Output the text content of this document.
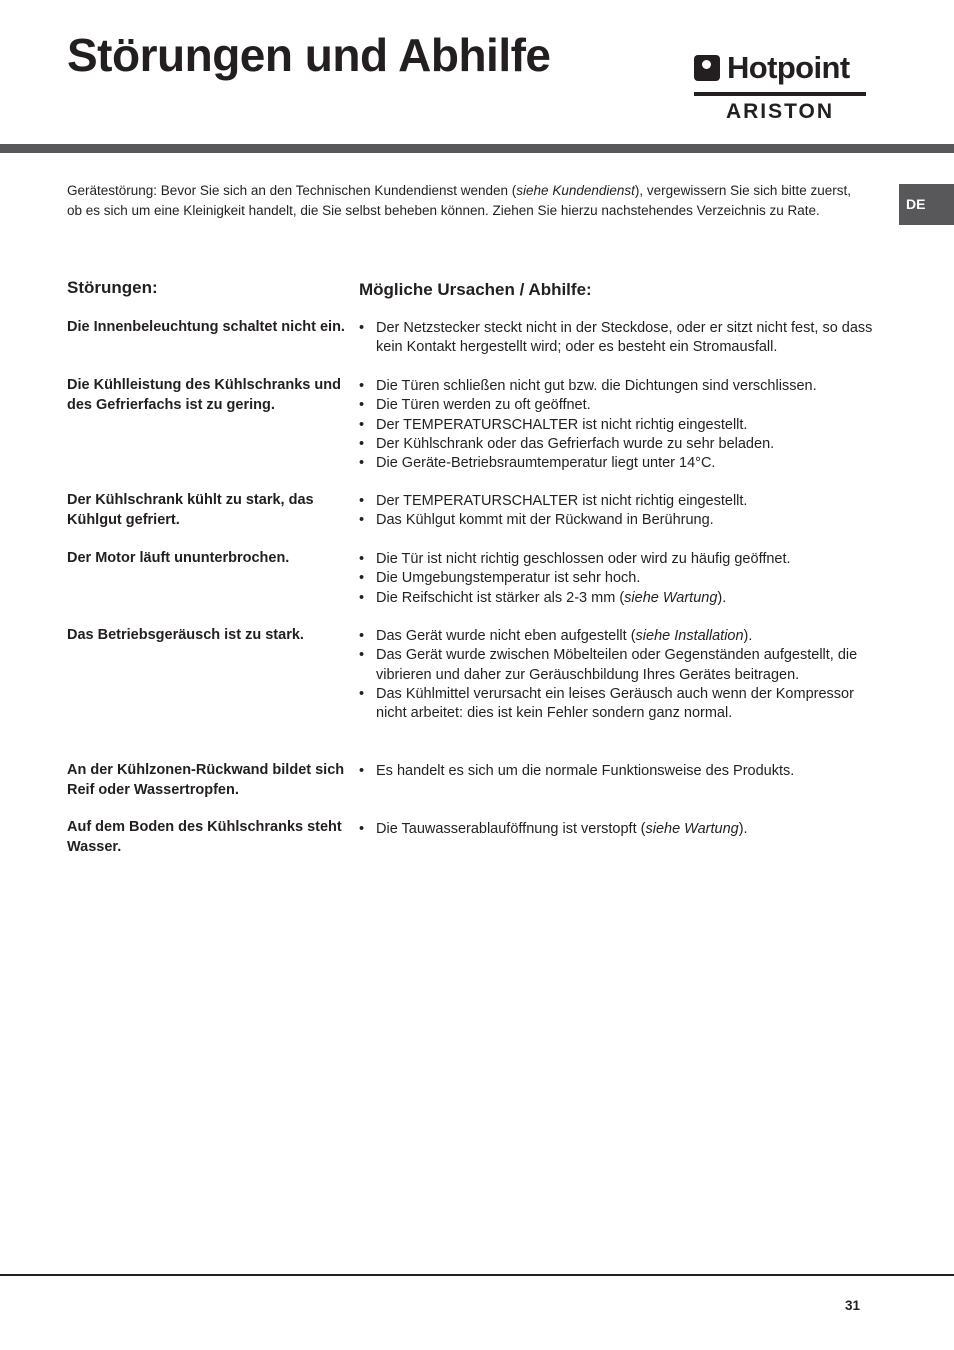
Störungen und Abhilfe	Hotpoint
ARISTON
DE

Gerätestörung: Bevor Sie sich an den Technischen Kundendienst wenden (siehe Kundendienst), vergewissern Sie sich bitte zuerst, ob es sich um eine Kleinigkeit handelt, die Sie selbst beheben können. Ziehen Sie hierzu nachstehendes Verzeichnis zu Rate.

Störungen:	Mögliche Ursachen / Abhilfe:
Die Innenbeleuchtung schaltet nicht ein.	• Der Netzstecker steckt nicht in der Steckdose, oder er sitzt nicht fest, so dass kein Kontakt hergestellt wird; oder es besteht ein Stromausfall.
Die Kühlleistung des Kühlschranks und des Gefrierfachs ist zu gering.
• Die Türen schließen nicht gut bzw. die Dichtungen sind verschlissen.
• Die Türen werden zu oft geöffnet.
• Der TEMPERATURSCHALTER ist nicht richtig eingestellt.
• Der Kühlschrank oder das Gefrierfach wurde zu sehr beladen.
• Die Geräte-Betriebsraumtemperatur liegt unter 14°C.
Der Kühlschrank kühlt zu stark, das Kühlgut gefriert.
• Der TEMPERATURSCHALTER ist nicht richtig eingestellt.
• Das Kühlgut kommt mit der Rückwand in Berührung.
Der Motor läuft ununterbrochen.	• Die Tür ist nicht richtig geschlossen oder wird zu häufig geöffnet.
• Die Umgebungstemperatur ist sehr hoch.
• Die Reifschicht ist stärker als 2-3 mm (siehe Wartung).
Das Betriebsgeräusch ist zu stark.	• Das Gerät wurde nicht eben aufgestellt (siehe Installation).
• Das Gerät wurde zwischen Möbelteilen oder Gegenständen aufgestellt, die vibrieren und daher zur Geräuschbildung Ihres Gerätes beitragen.
• Das Kühlmittel verursacht ein leises Geräusch auch wenn der Kompressor nicht arbeitet: dies ist kein Fehler sondern ganz normal.
An der Kühlzonen-Rückwand bildet sich Reif oder Wassertropfen.
• Es handelt es sich um die normale Funktionsweise des Produkts.
Auf dem Boden des Kühlschranks steht Wasser.
• Die Tauwasserablauföffnung ist verstopft (siehe Wartung).
31
